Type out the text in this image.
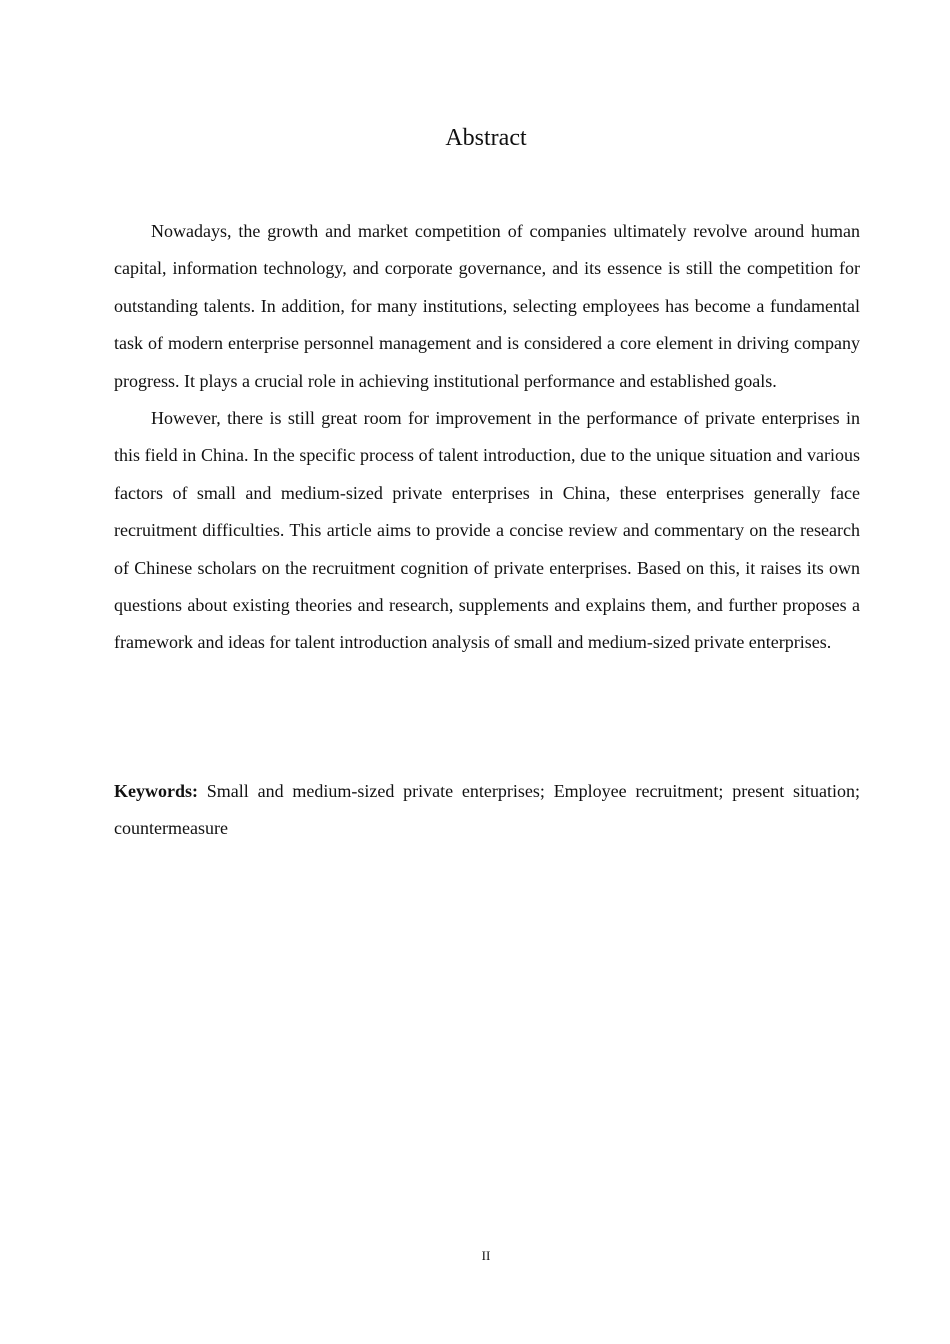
Abstract

Nowadays, the growth and market competition of companies ultimately revolve around human capital, information technology, and corporate governance, and its essence is still the competition for outstanding talents. In addition, for many institutions, selecting employees has become a fundamental task of modern enterprise personnel management and is considered a core element in driving company progress. It plays a crucial role in achieving institutional performance and established goals.

However, there is still great room for improvement in the performance of private enterprises in this field in China. In the specific process of talent introduction, due to the unique situation and various factors of small and medium-sized private enterprises in China, these enterprises generally face recruitment difficulties. This article aims to provide a concise review and commentary on the research of Chinese scholars on the recruitment cognition of private enterprises. Based on this, it raises its own questions about existing theories and research, supplements and explains them, and further proposes a framework and ideas for talent introduction analysis of small and medium-sized private enterprises.

Keywords: Small and medium-sized private enterprises; Employee recruitment; present situation; countermeasure

II
